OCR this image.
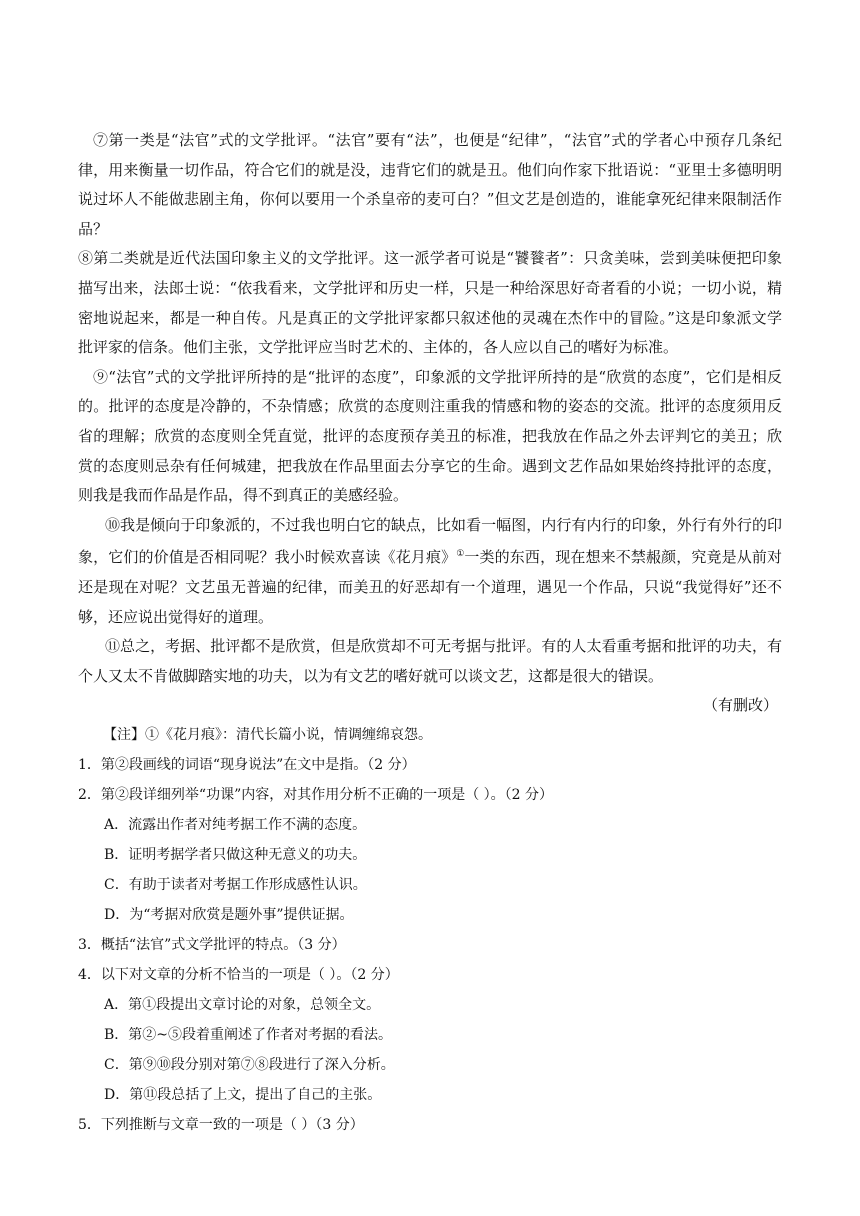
⑦第一类是“法官”式的文学批评。“法官”要有“法”，也便是“纪律”，“法官”式的学者心中预存几条纪律，用来衡量一切作品，符合它们的就是没，违背它们的就是丑。他们向作家下批语说：“亚里士多德明明说过坏人不能做悲剧主角，你何以要用一个杀皇帝的麦可白？”但文艺是创造的，谁能拿死纪律来限制活作品？

⑧第二类就是近代法国印象主义的文学批评。这一派学者可说是“饕餮者”：只贪美味，尝到美味便把印象描写出来，法郎士说：“依我看来，文学批评和历史一样，只是一种给深思好奇者看的小说；一切小说，精密地说起来，都是一种自传。凡是真正的文学批评家都只叙述他的灵魂在杰作中的冒险。”这是印象派文学批评家的信条。他们主张，文学批评应当时艺术的、主体的，各人应以自己的嗜好为标准。

⑨“法官”式的文学批评所持的是“批评的态度”，印象派的文学批评所持的是“欣赏的态度”，它们是相反的。批评的态度是冷静的，不杂情感；欣赏的态度则注重我的情感和物的姿态的交流。批评的态度须用反省的理解；欣赏的态度则全凭直觉，批评的态度预存美丑的标准，把我放在作品之外去评判它的美丑；欣赏的态度则忌杂有任何城建，把我放在作品里面去分享它的生命。遇到文艺作品如果始终持批评的态度，则我是我而作品是作品，得不到真正的美感经验。

⑩我是倾向于印象派的，不过我也明白它的缺点，比如看一幅图，内行有内行的印象，外行有外行的印象，它们的价值是否相同呢？我小时候欢喜读《花月痕》①一类的东西，现在想来不禁赧颜，究竟是从前对还是现在对呢？文艺虽无普遍的纪律，而美丑的好恶却有一个道理，遇见一个作品，只说“我觉得好”还不够，还应说出觉得好的道理。

⑪总之，考据、批评都不是欣赏，但是欣赏却不可无考据与批评。有的人太看重考据和批评的功夫，有个人又太不肯做脚踏实地的功夫，以为有文艺的嗜好就可以谈文艺，这都是很大的错误。

（有删改）

【注】①《花月痕》：清代长篇小说，情调缠绵哀怨。

1．第②段画线的词语“现身说法”在文中是指。（2 分）

2．第②段详细列举“功课”内容，对其作用分析不正确的一项是（ ）。（2 分）

A．流露出作者对纯考据工作不满的态度。

B．证明考据学者只做这种无意义的功夫。

C．有助于读者对考据工作形成感性认识。

D．为“考据对欣赏是题外事”提供证据。

3．概括“法官”式文学批评的特点。（3 分）

4．以下对文章的分析不恰当的一项是（ ）。（2 分）

A．第①段提出文章讨论的对象，总领全文。

B．第②~⑤段着重阐述了作者对考据的看法。

C．第⑨⑩段分别对第⑦⑧段进行了深入分析。

D．第⑪段总括了上文，提出了自己的主张。

5．下列推断与文章一致的一项是（ ）（3 分）
